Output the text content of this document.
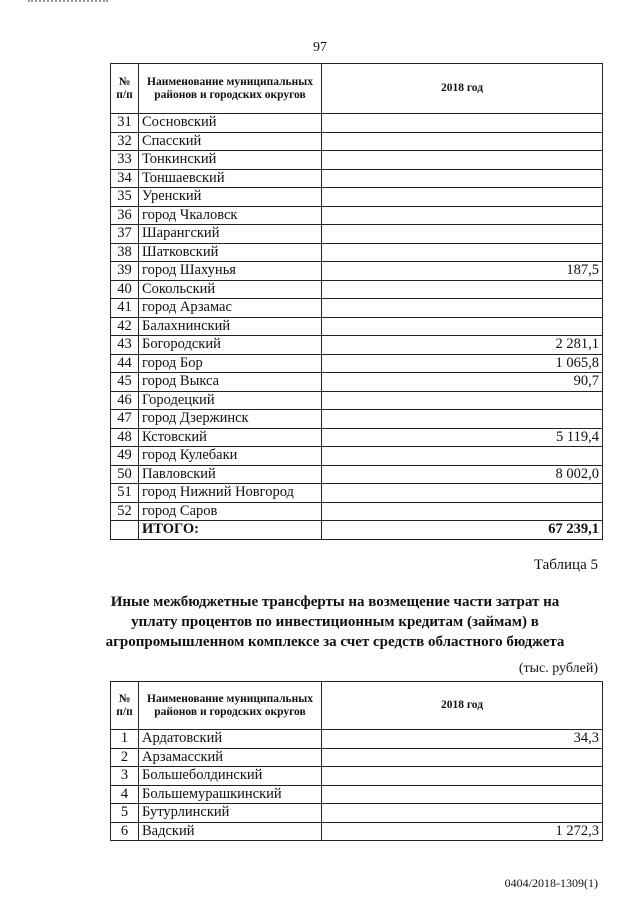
97
№ п/п	Наименование муниципальных районов и городских округов	2018 год
31	Сосновский	
32	Спасский	
33	Тонкинский	
34	Тоншаевский	
35	Уренский	
36	город Чкаловск	
37	Шарангский	
38	Шатковский	
39	город Шахунья	187,5
40	Сокольский	
41	город Арзамас	
42	Балахнинский	
43	Богородский	2 281,1
44	город Бор	1 065,8
45	город Выкса	90,7
46	Городецкий	
47	город Дзержинск	
48	Кстовский	5 119,4
49	город Кулебаки	
50	Павловский	8 002,0
51	город Нижний Новгород	
52	город Саров	
	ИТОГО:	67 239,1
Таблица 5
Иные межбюджетные трансферты на возмещение части затрат на уплату процентов по инвестиционным кредитам (займам) в агропромышленном комплексе за счет средств областного бюджета
(тыс. рублей)
№ п/п	Наименование муниципальных районов и городских округов	2018 год
1	Ардатовский	34,3
2	Арзамасский	
3	Большеболдинский	
4	Большемурашкинский	
5	Бутурлинский	
6	Вадский	1 272,3
0404/2018-1309(1)
